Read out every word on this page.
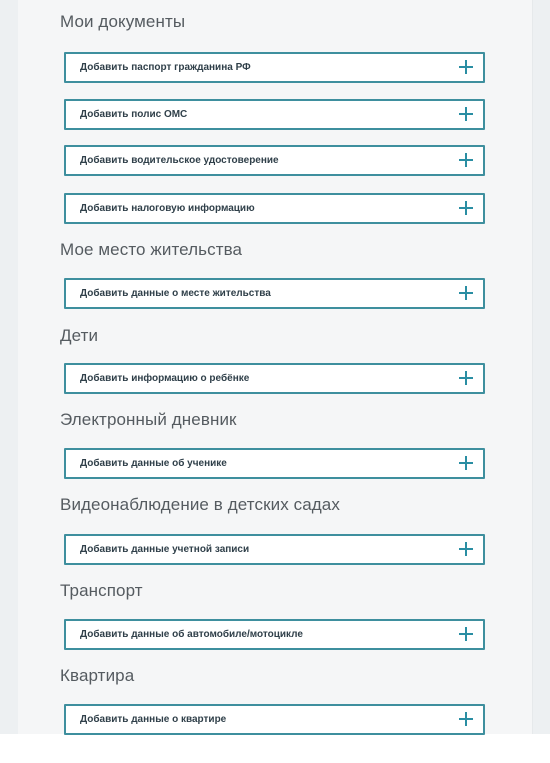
Мои документы
Добавить паспорт гражданина РФ
Добавить полис ОМС
Добавить водительское удостоверение
Добавить налоговую информацию
Мое место жительства
Добавить данные о месте жительства
Дети
Добавить информацию о ребёнке
Электронный дневник
Добавить данные об ученике
Видеонаблюдение в детских садах
Добавить данные учетной записи
Транспорт
Добавить данные об автомобиле/мотоцикле
Квартира
Добавить данные о квартире
